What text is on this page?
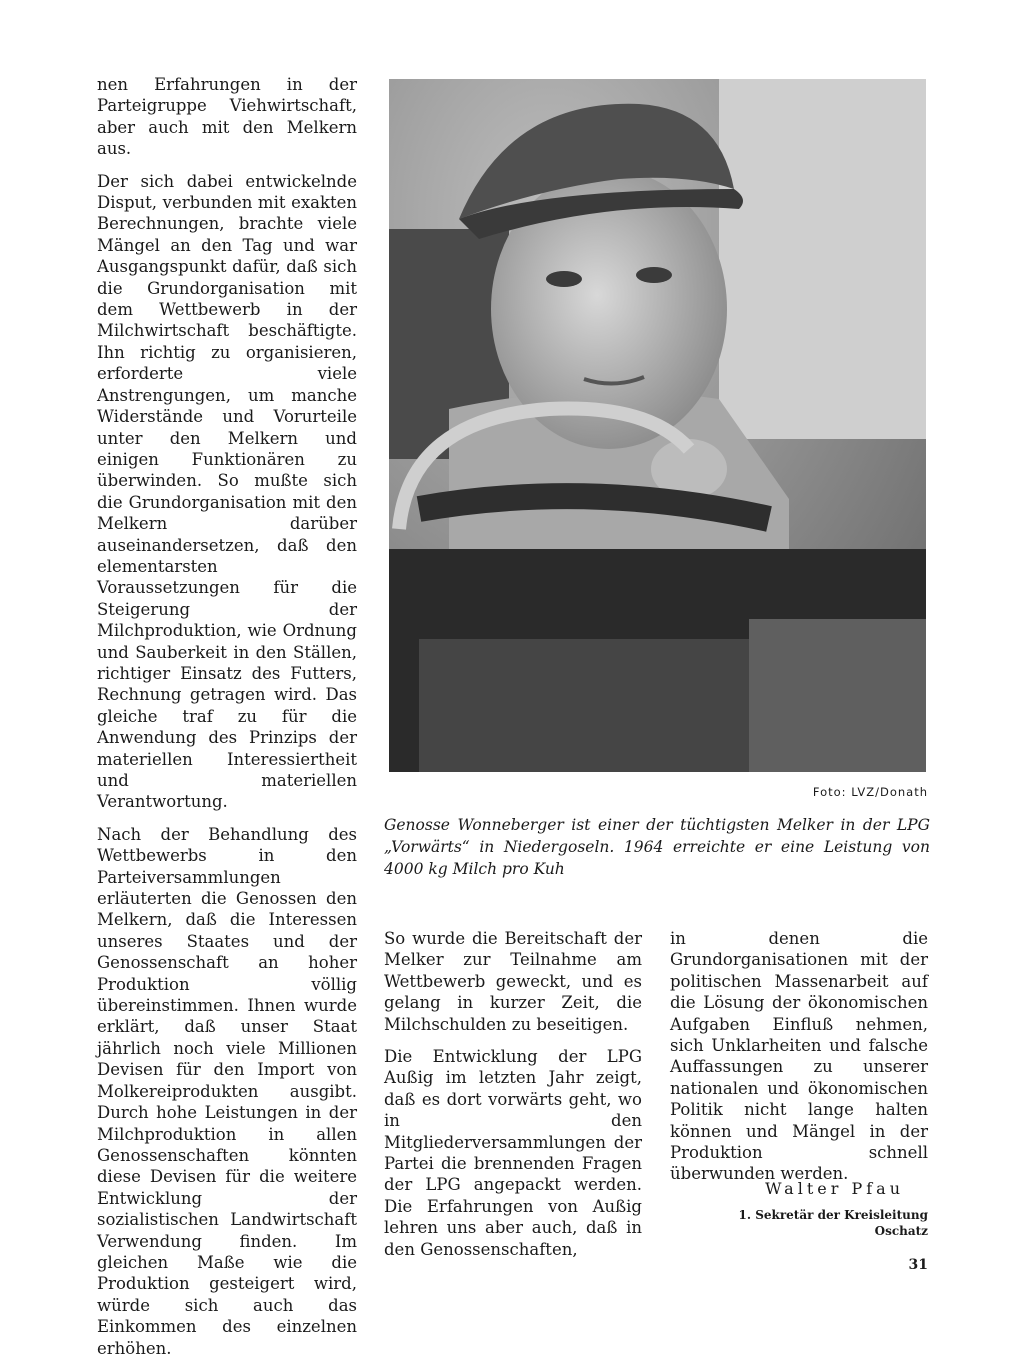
nen Erfahrungen in der Parteigruppe Viehwirtschaft, aber auch mit den Melkern aus.

Der sich dabei entwickelnde Disput, verbunden mit exakten Berechnungen, brachte viele Mängel an den Tag und war Ausgangspunkt dafür, daß sich die Grundorganisation mit dem Wettbewerb in der Milchwirtschaft beschäftigte. Ihn richtig zu organisieren, erforderte viele Anstrengungen, um manche Widerstände und Vorurteile unter den Melkern und einigen Funktionären zu überwinden. So mußte sich die Grundorganisation mit den Melkern darüber auseinandersetzen, daß den elementarsten Voraussetzungen für die Steigerung der Milchproduktion, wie Ordnung und Sauberkeit in den Ställen, richtiger Einsatz des Futters, Rechnung getragen wird. Das gleiche traf zu für die Anwendung des Prinzips der materiellen Interessiertheit und materiellen Verantwortung.

Nach der Behandlung des Wettbewerbs in den Parteiversammlungen erläuterten die Genossen den Melkern, daß die Interessen unseres Staates und der Genossenschaft an hoher Produktion völlig übereinstimmen. Ihnen wurde erklärt, daß unser Staat jährlich noch viele Millionen Devisen für den Import von Molkereiprodukten ausgibt. Durch hohe Leistungen in der Milchproduktion in allen Genossenschaften könnten diese Devisen für die weitere Entwicklung der sozialistischen Landwirtschaft Verwendung finden. Im gleichen Maße wie die Produktion gesteigert wird, würde sich auch das Einkommen des einzelnen erhöhen.

Foto: LVZ/Donath
Genosse Wonneberger ist einer der tüchtigsten Melker in der LPG „Vorwärts“ in Niedergoseln. 1964 erreichte er eine Leistung von 4000 kg Milch pro Kuh

So wurde die Bereitschaft der Melker zur Teilnahme am Wettbewerb geweckt, und es gelang in kurzer Zeit, die Milchschulden zu beseitigen.

Die Entwicklung der LPG Außig im letzten Jahr zeigt, daß es dort vorwärts geht, wo in den Mitgliederversammlungen der Partei die brennenden Fragen der LPG angepackt werden. Die Erfahrungen von Außig lehren uns aber auch, daß in den Genossenschaften,

in denen die Grundorganisationen mit der politischen Massenarbeit auf die Lösung der ökonomischen Aufgaben Einfluß nehmen, sich Unklarheiten und falsche Auffassungen zu unserer nationalen und ökonomischen Politik nicht lange halten können und Mängel in der Produktion schnell überwunden werden.

Walter Pfau
1. Sekretär der Kreisleitung
Oschatz
31
